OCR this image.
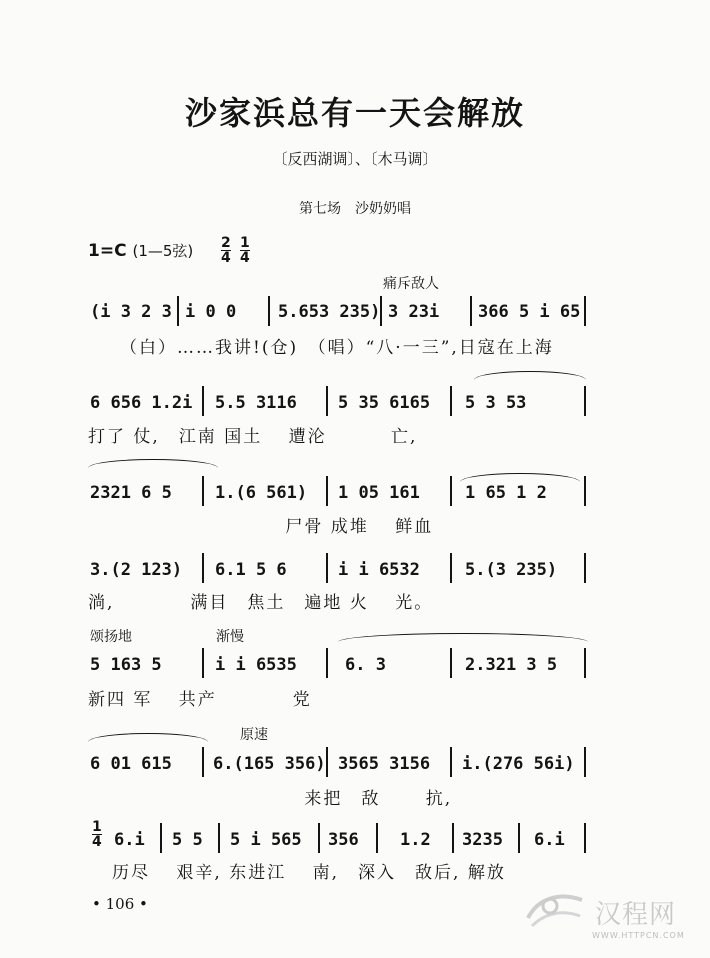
沙家浜总有一天会解放
〔反西湖调〕、〔木马调〕
第七场　沙奶奶唱
1=C (1—5弦) 2
4
1
4
痛斥敌人
(i 3 2 3 i 0 0 5.653 235) 3 23i 366 5 i 65
（白）……我讲!(仓)　（唱）“八·一三”,日寇在上海
6 656 1.2i 5.5 3116 5 35 6165 5 3 53
打了 仗,　江南 国土　 遭沦　　　 亡,
2321 6 5	1.(6 561) 1 05 161	1 65 1 2
　　　　　　　　　　 尸骨 成堆　 鲜血
3.(2 123) 6.1 5 6	i i 6532	5.(3 235)
淌,　　　　满目　焦土　遍地 火　 光。
颂扬地	渐慢
5 163 5	i i 6535	6. 3	2.321 3 5
新四 军　 共产　　　　党
原速
6 01 615 6.(165 356) 3565 3156 i.(276 56i)
　　　　　　　　　　　 来把　敌　　 抗,
1
4 6.i 5 5 5 i 565 356 1.2 3235 6.i
历尽　 艰辛, 东进江　 南,　深入　敌后, 解放
• 106 •	汉程网
WWW.HTTPCN.COM
